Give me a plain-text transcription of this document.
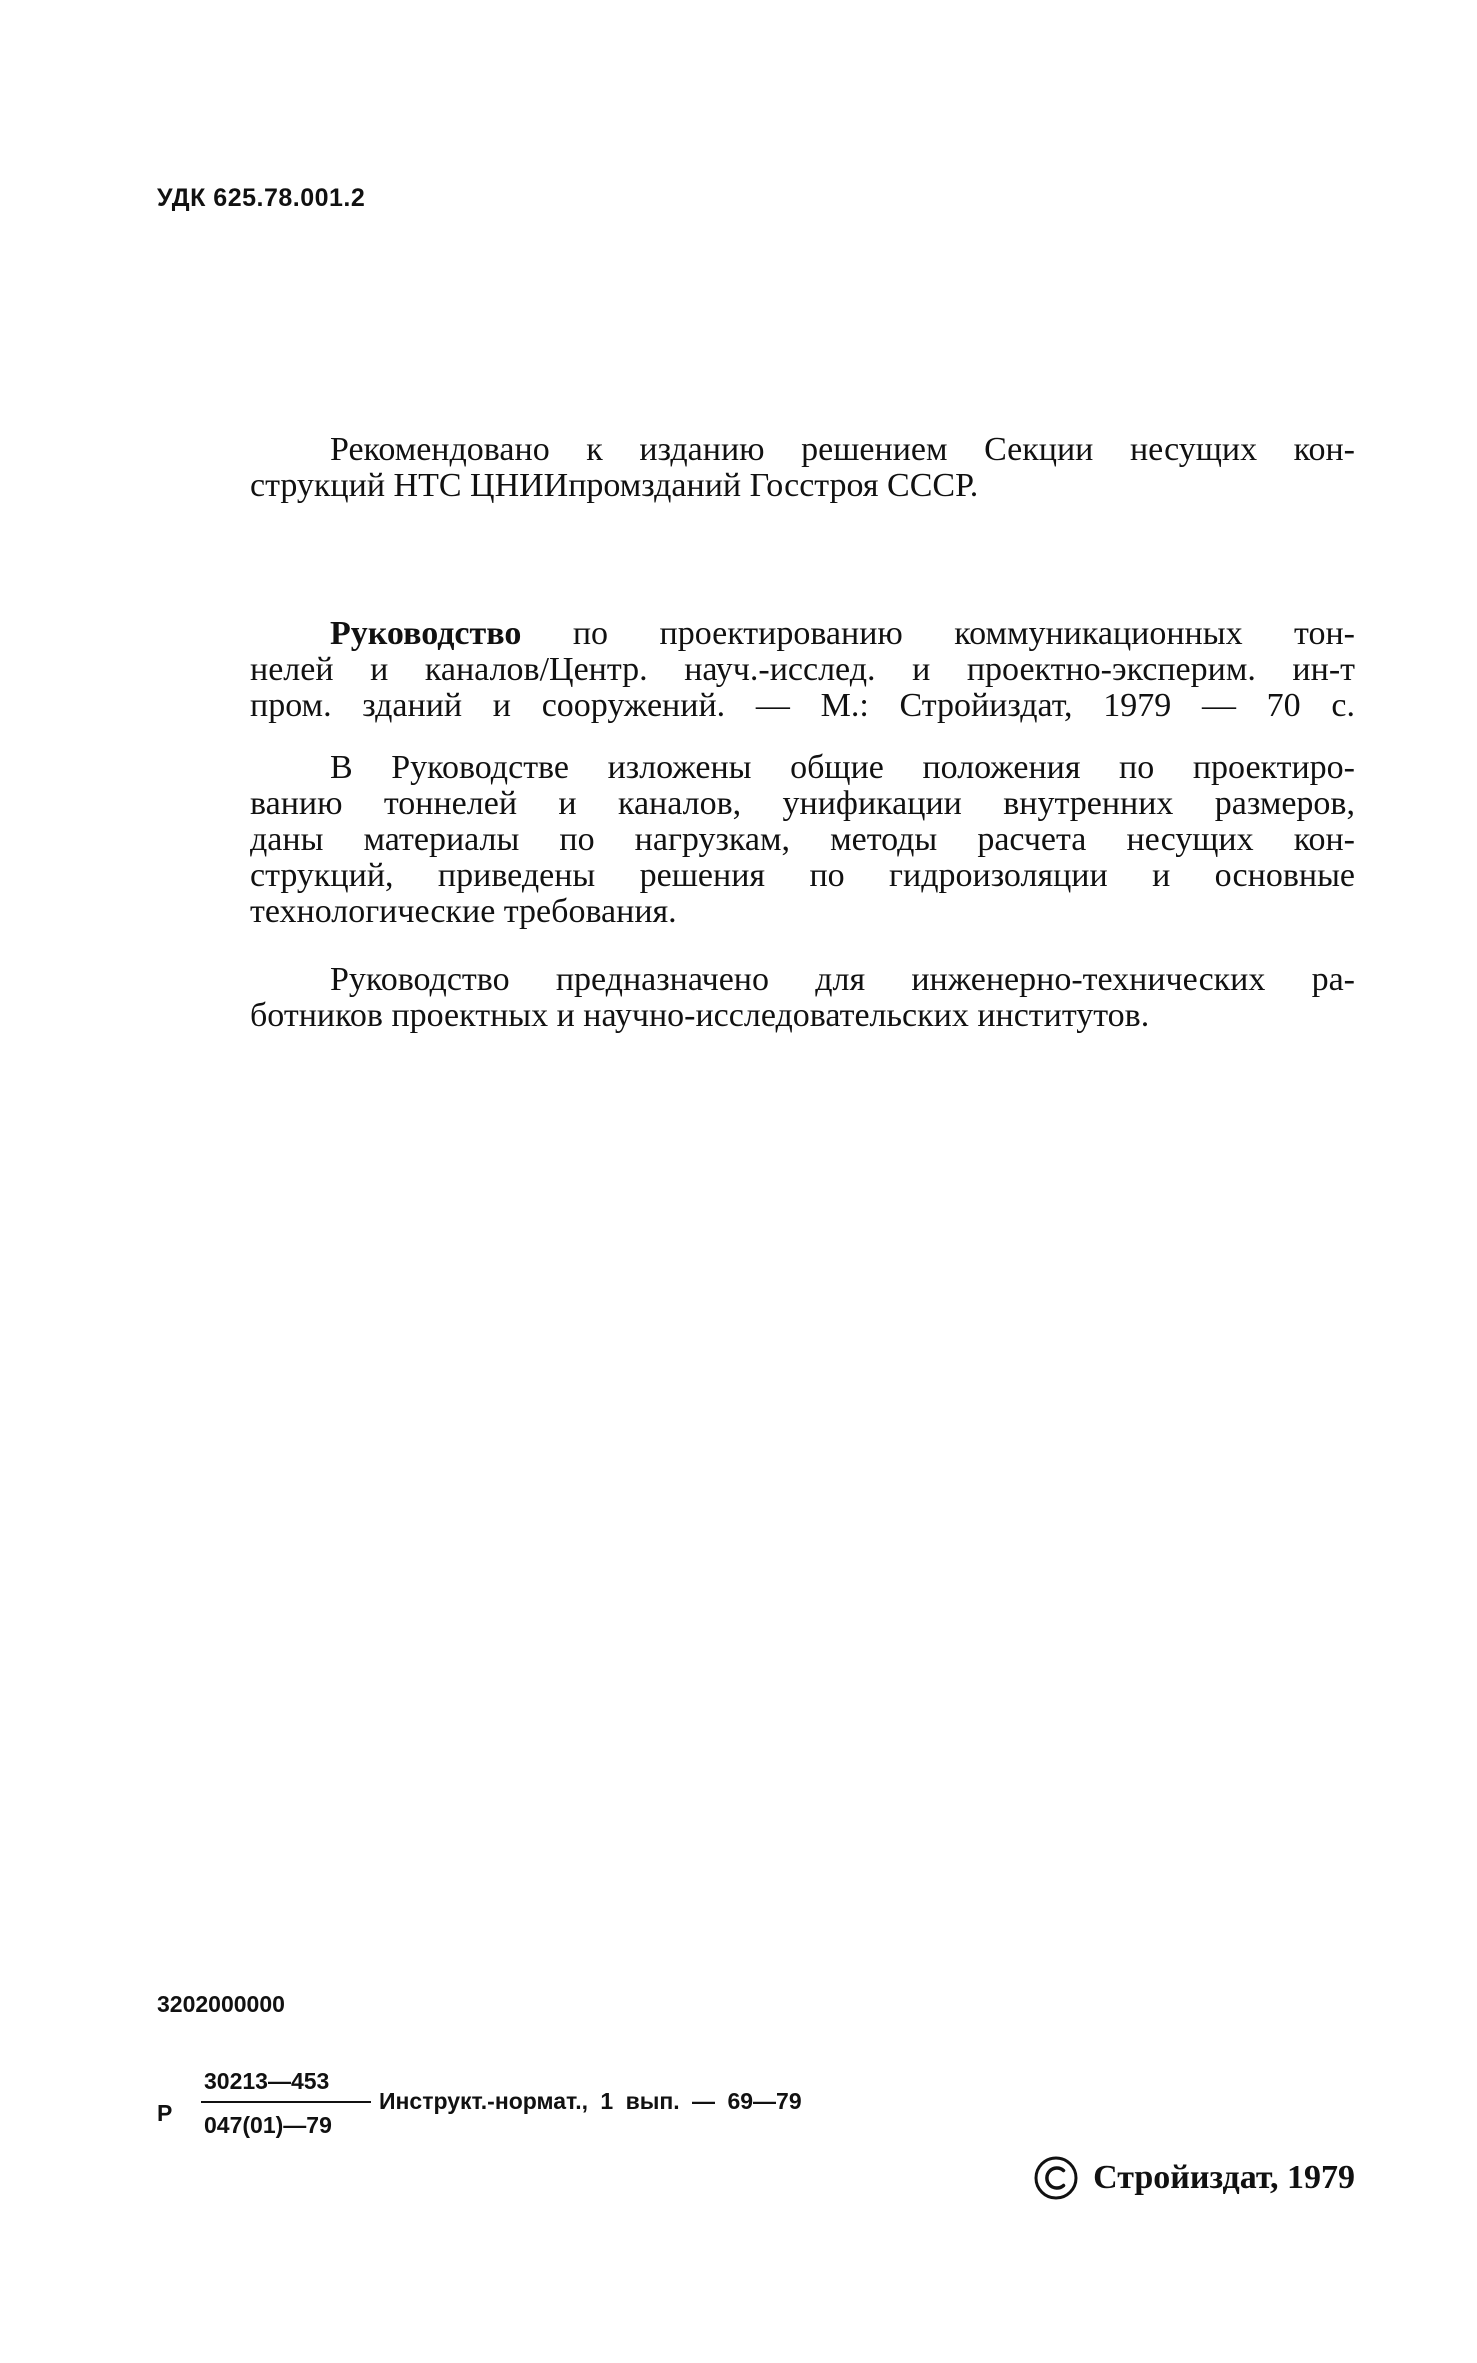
УДК 625.78.001.2
Рекомендовано к изданию решением Секции несущих кон-
струкций НТС ЦНИИпромзданий Госстроя СССР.
Руководство по проектированию коммуникационных тон-
нелей и каналов/Центр. науч.-исслед. и проектно-эксперим. ин-т
пром. зданий и сооружений. — М.: Стройиздат, 1979 — 70 с.
В Руководстве изложены общие положения по проектиро-
ванию тоннелей и каналов, унификации внутренних размеров,
даны материалы по нагрузкам, методы расчета несущих кон-
струкций, приведены решения по гидроизоляции и основные
технологические требования.
Руководство предназначено для инженерно-технических ра-
ботников проектных и научно-исследовательских институтов.
3202000000
Р
30213—453
047(01)—79
Инструкт.-нормат., 1 вып. — 69—79
Стройиздат, 1979
